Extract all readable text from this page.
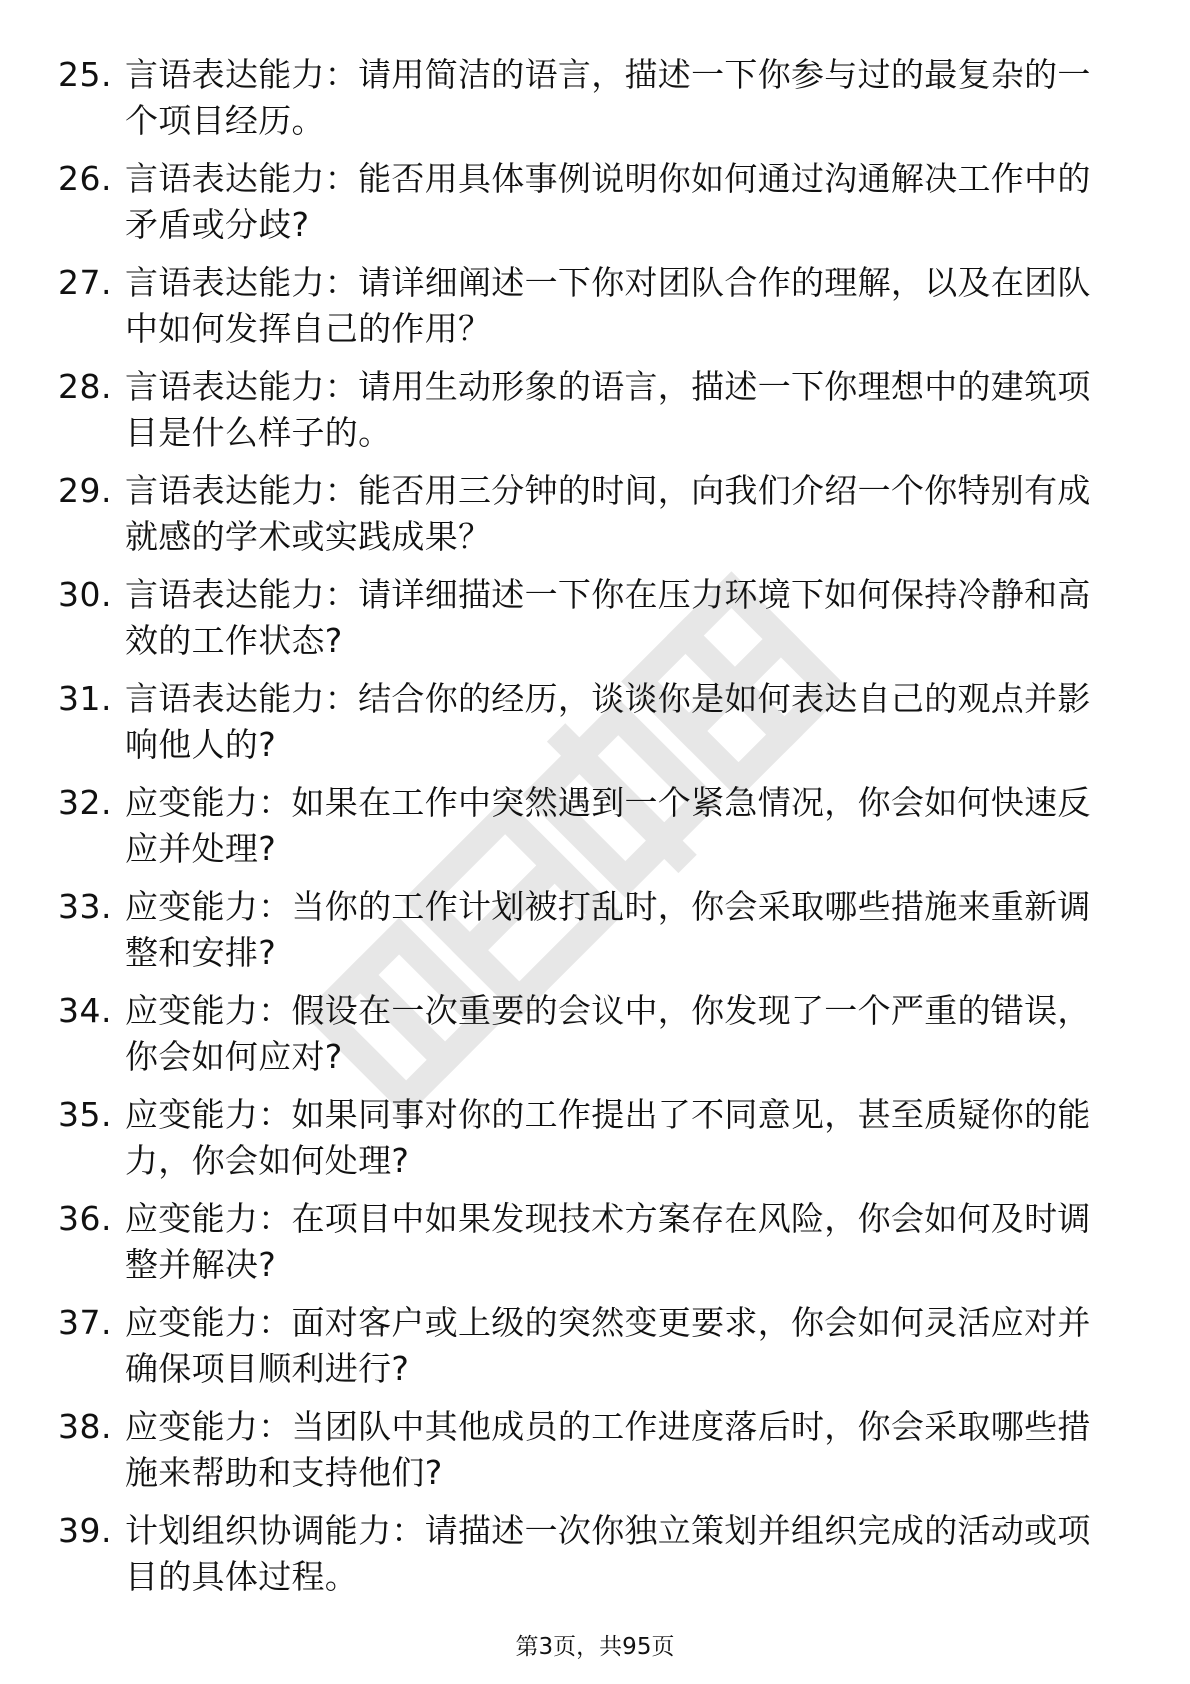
25. 言语表达能力：请用简洁的语言，描述一下你参与过的最复杂的一个项目经历。
26. 言语表达能力：能否用具体事例说明你如何通过沟通解决工作中的矛盾或分歧?
27. 言语表达能力：请详细阐述一下你对团队合作的理解，以及在团队中如何发挥自己的作用？
28. 言语表达能力：请用生动形象的语言，描述一下你理想中的建筑项目是什么样子的。
29. 言语表达能力：能否用三分钟的时间，向我们介绍一个你特别有成就感的学术或实践成果？
30. 言语表达能力：请详细描述一下你在压力环境下如何保持冷静和高效的工作状态?
31. 言语表达能力：结合你的经历，谈谈你是如何表达自己的观点并影响他人的?
32. 应变能力：如果在工作中突然遇到一个紧急情况，你会如何快速反应并处理?
33. 应变能力：当你的工作计划被打乱时，你会采取哪些措施来重新调整和安排?
34. 应变能力：假设在一次重要的会议中，你发现了一个严重的错误，你会如何应对?
35. 应变能力：如果同事对你的工作提出了不同意见，甚至质疑你的能力，你会如何处理?
36. 应变能力：在项目中如果发现技术方案存在风险，你会如何及时调整并解决?
37. 应变能力：面对客户或上级的突然变更要求，你会如何灵活应对并确保项目顺利进行?
38. 应变能力：当团队中其他成员的工作进度落后时，你会采取哪些措施来帮助和支持他们?
39. 计划组织协调能力：请描述一次你独立策划并组织完成的活动或项目的具体过程。
第3页，共95页
